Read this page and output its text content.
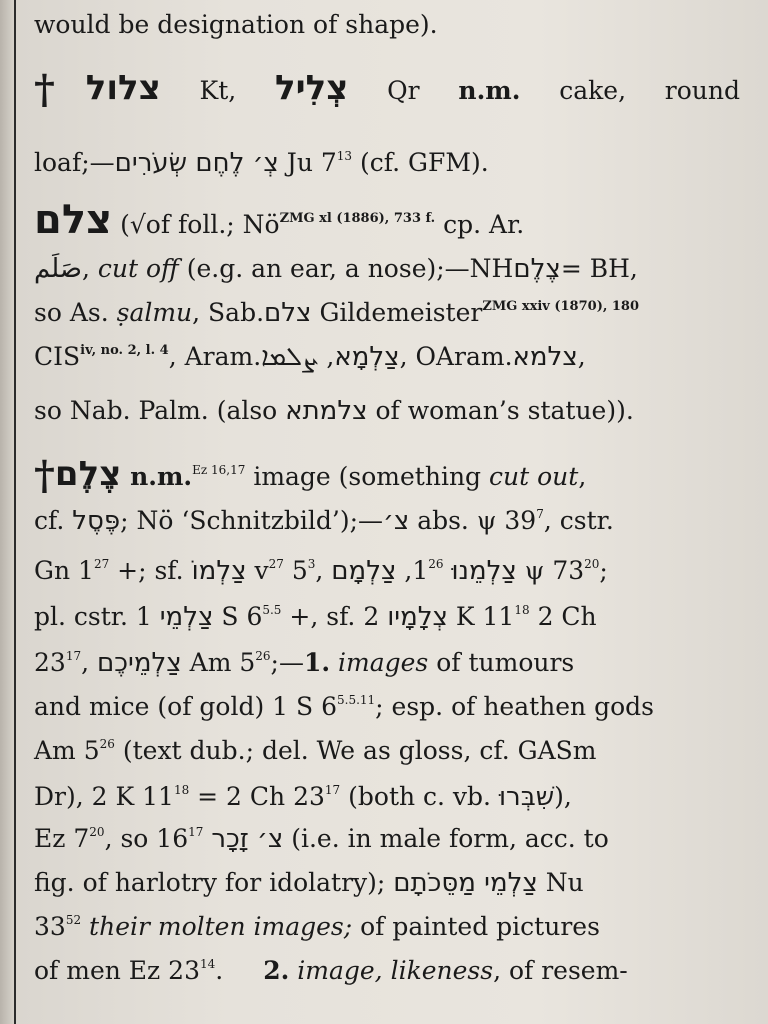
would be designation of shape).
†צלול Kt, צְלִיל Qr n.m. cake, round
loaf;—צְ׳ לֶחֶם שְׂעֹרִים Ju $7^{13}$ (cf. GFM).
צלם (√of foll.; $Nö^{ZMG xl (1886), 733 f.}$ cp. Ar.
صَلَم, cut off (e.g. an ear, a nose);—NHצֶלֶם= BH,
so As. ṣalmu, Sab.צלם Gildemeister$^{ZMG xxiv (1870), 180}$
$CIS^{iv, no. 2, l. 4}$, Aram.	צַלְמָא, ܨܠܡܐ	, OAram.צלמא,
so Nab. Palm. (also צלמתא of woman’s statue)).
†צֶלֶם n.m.$^{Ez 16,17}$ image (something cut out,
cf. פֶּסֶל; Nö ‘Schnitzbild’);—צ׳ abs. ψ $39^7$, cstr.
Gn $1^{27}$ +; sf. צַלְמוֹ $v^{27}$ $5^3$,	צַלְמֵנוּ $1^{26}$, צַלְמָם	ψ $73^{20}$;
pl. cstr. צַלְמֵי 1 S $6^{5.5}$ +, sf. צְלָמָיו 2 K $11^{18}$ 2 Ch
$23^{17}$, צַלְמֵיכֶם Am $5^{26};—1$. images of tumours
and mice (of gold) 1 S $6^{5.5.11}$; esp. of heathen gods
Am $5^{26}$ (text dub.; del. We as gloss, cf. GASm
Dr), 2 K $11^{18} = 2$ Ch $23^{17}$ (both c. vb. שִׁבְּרוּ),
Ez $7^{20}$, so צ׳ זָכָר $16^{17}$	(i.e. in male form, acc. to
fig. of harlotry for idolatry); צַלְמֵי מַסֵּכֹתָם Nu
$33^{52}$ their molten images; of painted pictures
of men Ez $23^{14}$. 2. image, likeness, of resem-
